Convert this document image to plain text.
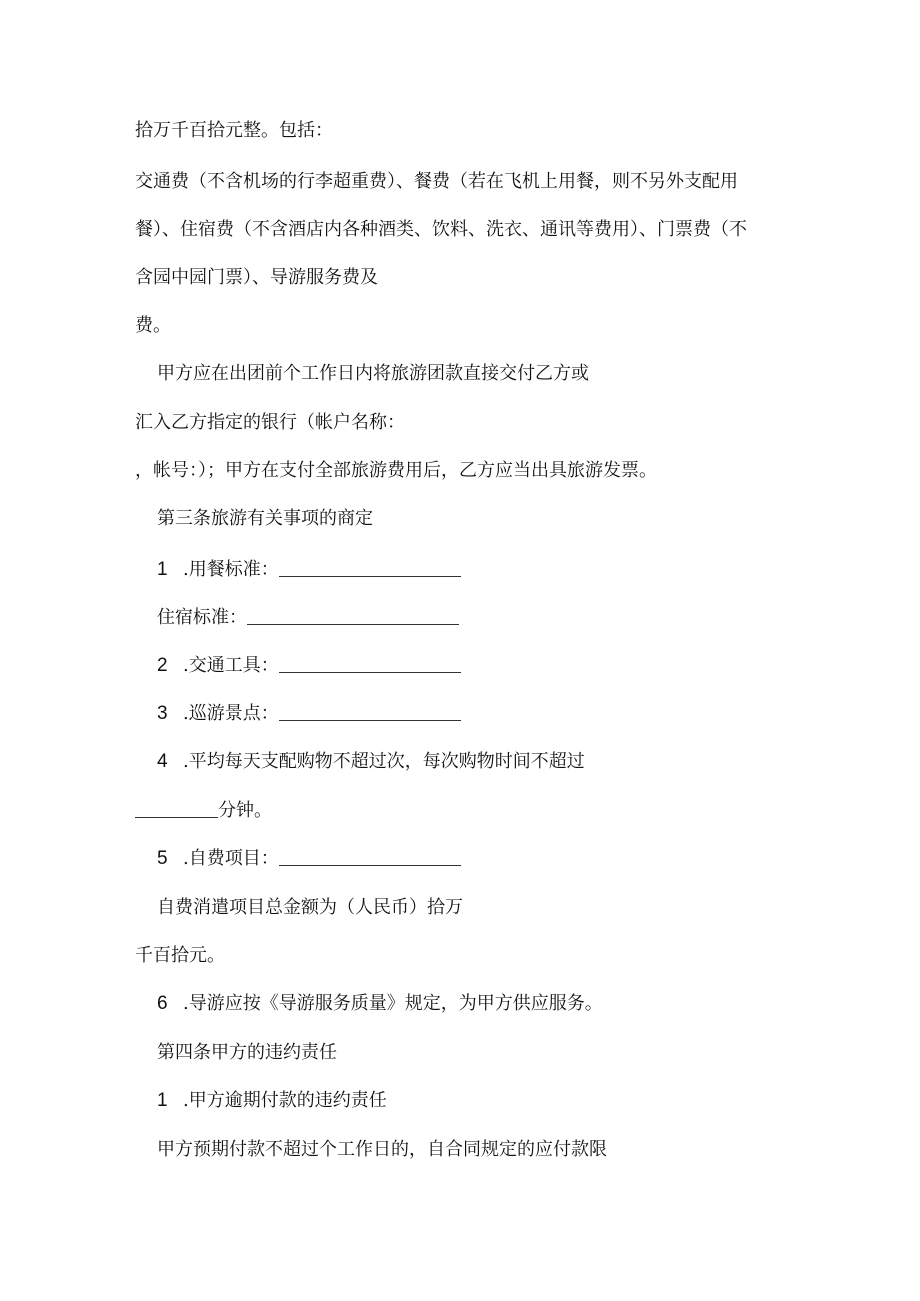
拾万千百拾元整。包括：
交通费（不含机场的行李超重费）、餐费（若在飞机上用餐，则不另外支配用
餐）、住宿费（不含酒店内各种酒类、饮料、洗衣、通讯等费用）、门票费（不
含园中园门票）、导游服务费及
费。
甲方应在出团前个工作日内将旅游团款直接交付乙方或
汇入乙方指定的银行（帐户名称：
，帐号：）；甲方在支付全部旅游费用后，乙方应当出具旅游发票。
第三条旅游有关事项的商定
1 .用餐标准：
住宿标准：
2 .交通工具：
3 .巡游景点：
4 .平均每天支配购物不超过次，每次购物时间不超过
分钟。
5 .自费项目：
自费消遣项目总金额为（人民币）拾万
千百拾元。
6 .导游应按《导游服务质量》规定，为甲方供应服务。
第四条甲方的违约责任
1 .甲方逾期付款的违约责任
甲方预期付款不超过个工作日的，自合同规定的应付款限
